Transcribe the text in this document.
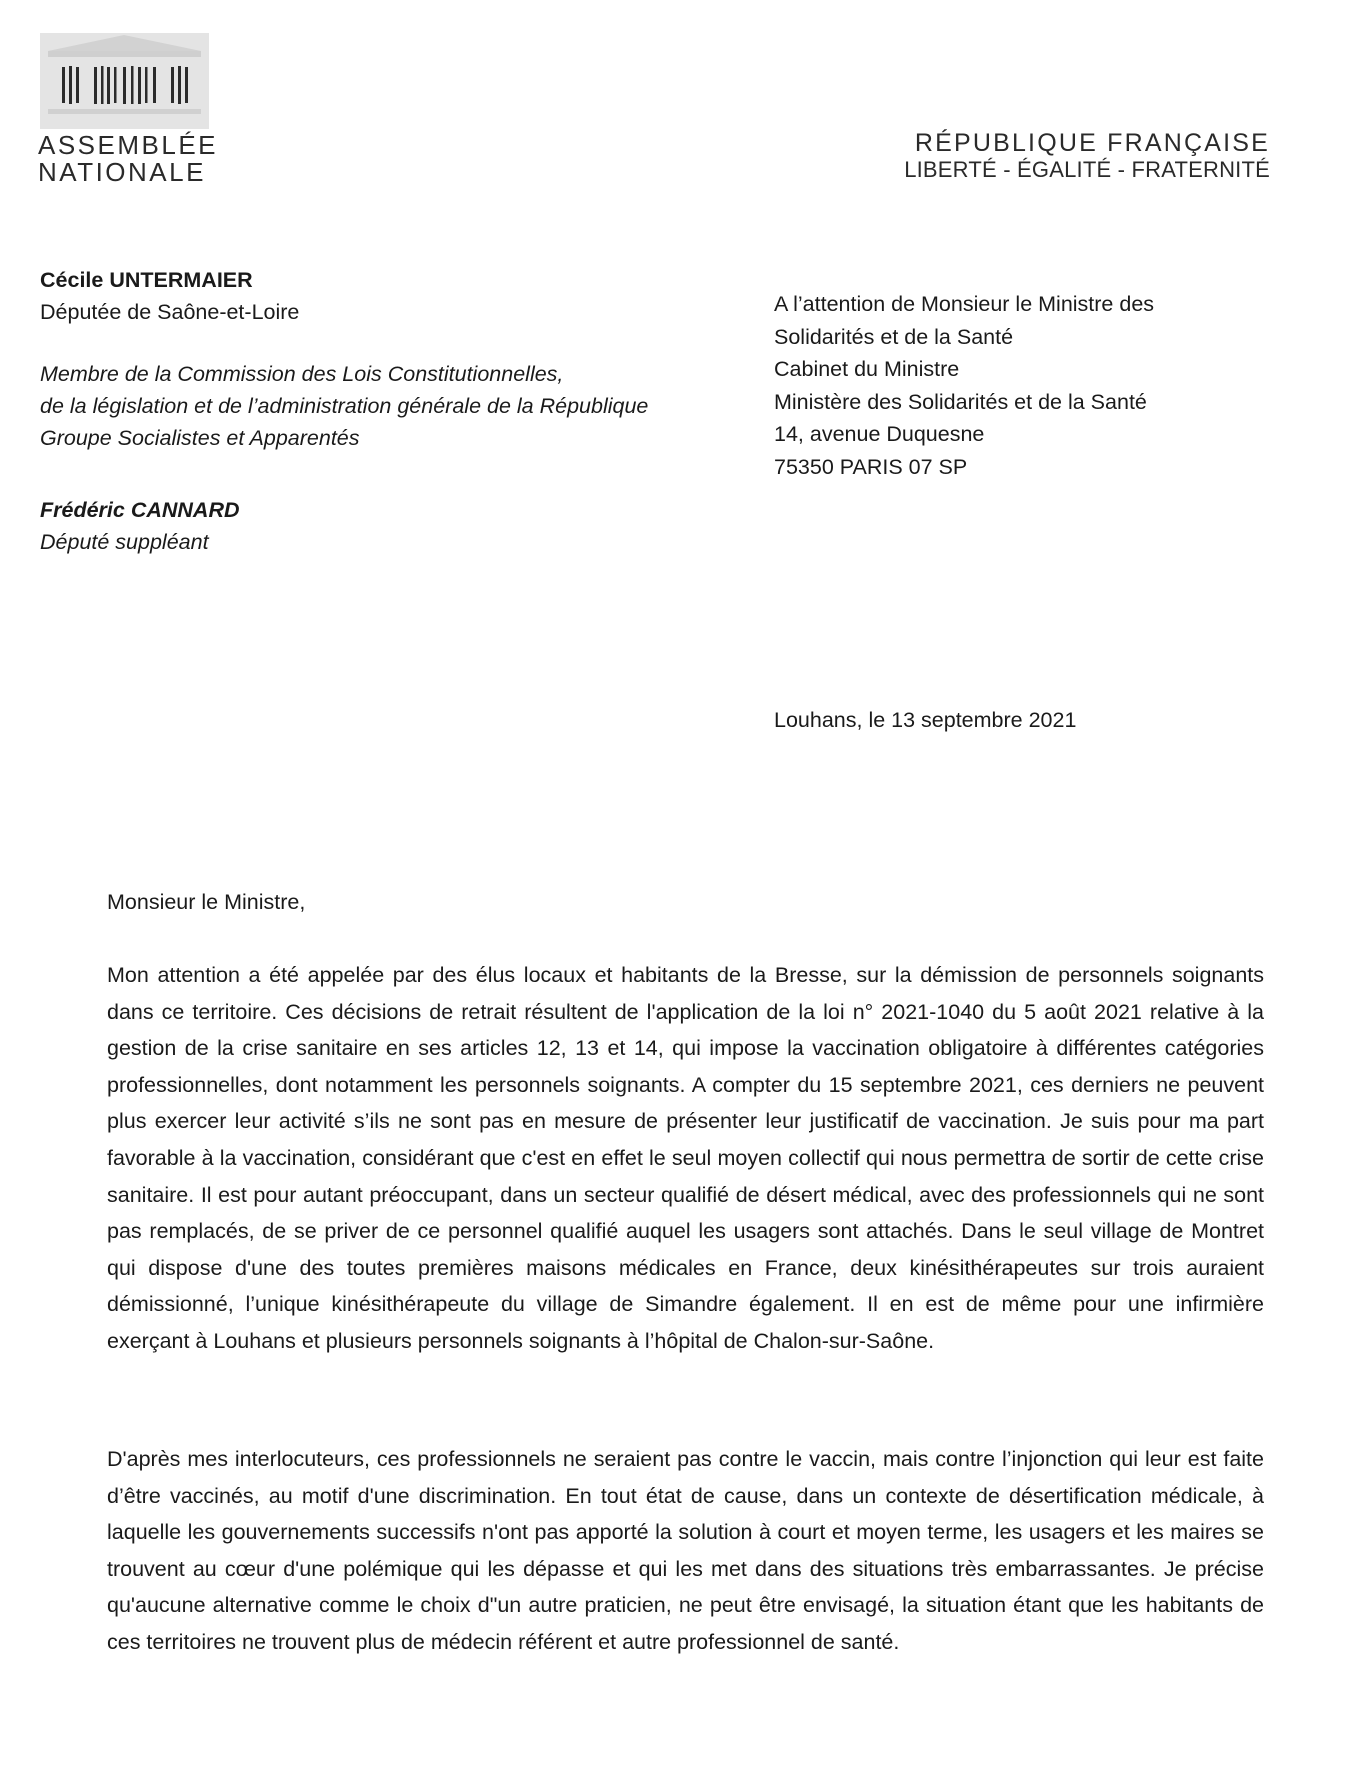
ASSEMBLÉE
NATIONALE
RÉPUBLIQUE FRANÇAISE
LIBERTÉ - ÉGALITÉ - FRATERNITÉ
Cécile UNTERMAIER
Députée de Saône-et-Loire
Membre de la Commission des Lois Constitutionnelles,
de la législation et de l’administration générale de la République
Groupe Socialistes et Apparentés
Frédéric CANNARD
Député suppléant
A l’attention de Monsieur le Ministre des
Solidarités et de la Santé
Cabinet du Ministre
Ministère des Solidarités et de la Santé
14, avenue Duquesne
75350 PARIS 07 SP
Louhans, le 13 septembre 2021
Monsieur le Ministre,
Mon attention a été appelée par des élus locaux et habitants de la Bresse, sur la démission de personnels soignants dans ce territoire. Ces décisions de retrait résultent de l'application de la loi n° 2021-1040 du 5 août 2021 relative à la gestion de la crise sanitaire en ses articles 12, 13 et 14, qui impose la vaccination obligatoire à différentes catégories professionnelles, dont notamment les personnels soignants. A compter du 15 septembre 2021, ces derniers ne peuvent plus exercer leur activité s’ils ne sont pas en mesure de présenter leur justificatif de vaccination. Je suis pour ma part favorable à la vaccination, considérant que c'est en effet le seul moyen collectif qui nous permettra de sortir de cette crise sanitaire. Il est pour autant préoccupant, dans un secteur qualifié de désert médical, avec des professionnels qui ne sont pas remplacés, de se priver de ce personnel qualifié auquel les usagers sont attachés. Dans le seul village de Montret qui dispose d'une des toutes premières maisons médicales en France, deux kinésithérapeutes sur trois auraient démissionné, l’unique kinésithérapeute du village de Simandre également. Il en est de même pour une infirmière exerçant à Louhans et plusieurs personnels soignants à l’hôpital de Chalon-sur-Saône.
D'après mes interlocuteurs, ces professionnels ne seraient pas contre le vaccin, mais contre l’injonction qui leur est faite d’être vaccinés, au motif d'une discrimination. En tout état de cause, dans un contexte de désertification médicale, à laquelle les gouvernements successifs n'ont pas apporté la solution à court et moyen terme, les usagers et les maires se trouvent au cœur d'une polémique qui les dépasse et qui les met dans des situations très embarrassantes. Je précise qu'aucune alternative comme le choix d"un autre praticien, ne peut être envisagé, la situation étant que les habitants de ces territoires ne trouvent plus de médecin référent et autre professionnel de santé.
